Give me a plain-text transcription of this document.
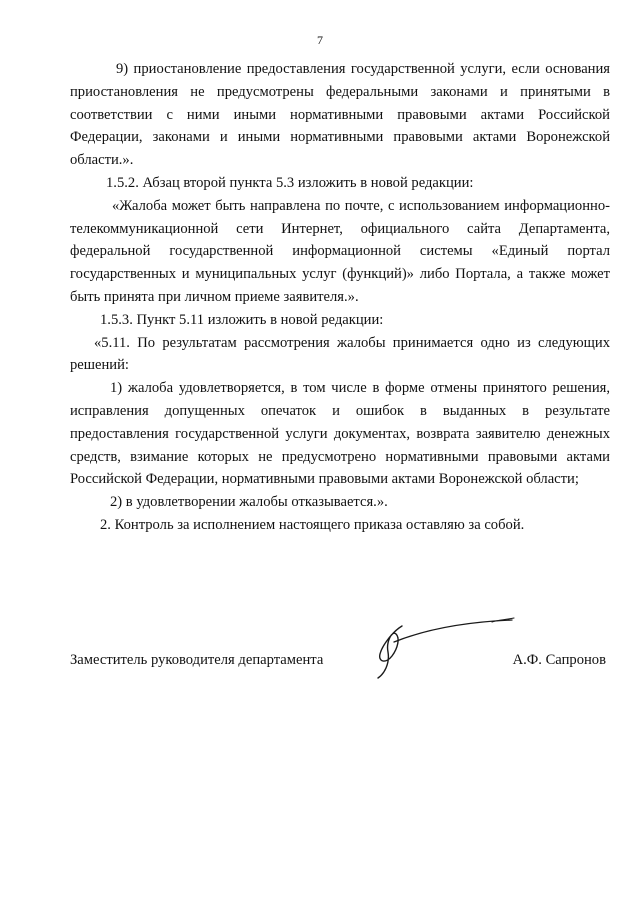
7

9) приостановление предоставления государственной услуги, если основания приостановления не предусмотрены федеральными законами и принятыми в соответствии с ними иными нормативными правовыми актами Российской Федерации, законами и иными нормативными правовыми актами Воронежской области.».

1.5.2. Абзац второй пункта 5.3 изложить в новой редакции:

«Жалоба может быть направлена по почте, с использованием информационно-телекоммуникационной сети Интернет, официального сайта Департамента, федеральной государственной информационной системы «Единый портал государственных и муниципальных услуг (функций)» либо Портала, а также может быть принята при личном приеме заявителя.».

1.5.3. Пункт 5.11 изложить в новой редакции:

«5.11. По результатам рассмотрения жалобы принимается одно из следующих решений:

1) жалоба удовлетворяется, в том числе в форме отмены принятого решения, исправления допущенных опечаток и ошибок в выданных в результате предоставления государственной услуги документах, возврата заявителю денежных средств, взимание которых не предусмотрено нормативными правовыми актами Российской Федерации, нормативными правовыми актами Воронежской области;

2) в удовлетворении жалобы отказывается.».

2. Контроль за исполнением настоящего приказа оставляю за собой.

Заместитель руководителя департамента	А.Ф. Сапронов
